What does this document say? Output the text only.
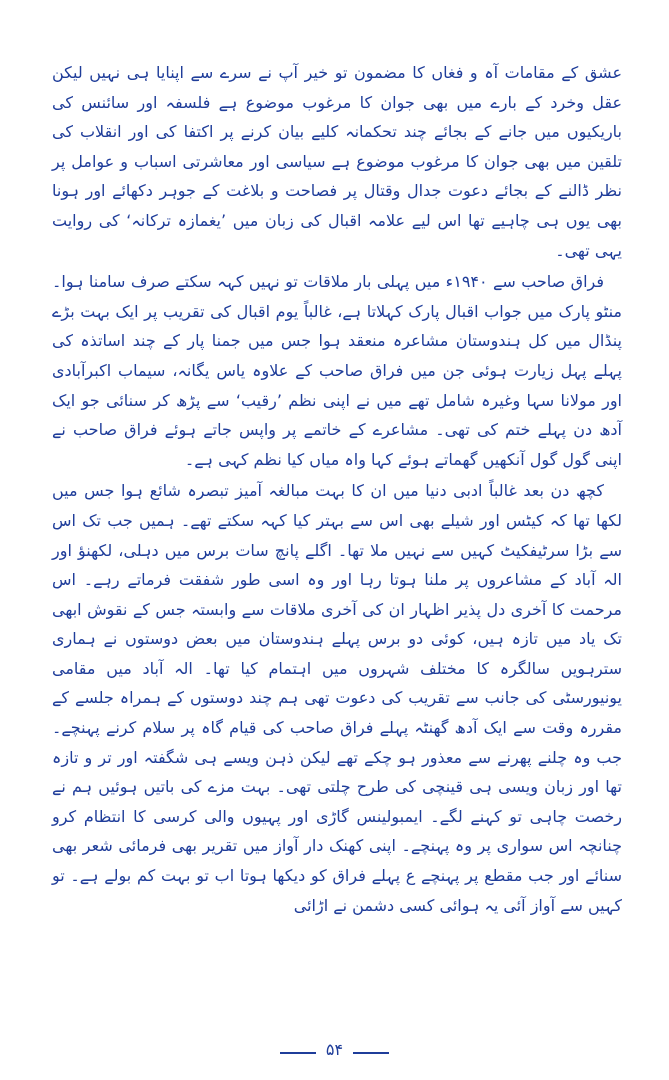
عشق کے مقامات آہ و فغاں کا مضمون تو خیر آپ نے سرے سے اپنایا ہی نہیں لیکن عقل وخرد کے بارے میں بھی جوان کا مرغوب موضوع ہے فلسفہ اور سائنس کی باریکیوں میں جانے کے بجائے چند تحکمانہ کلیے بیان کرنے پر اکتفا کی اور انقلاب کی تلقین میں بھی جوان کا مرغوب موضوع ہے سیاسی اور معاشرتی اسباب و عوامل پر نظر ڈالنے کے بجائے دعوت جدال وقتال پر فصاحت و بلاغت کے جوہر دکھائے اور ہونا بھی یوں ہی چاہیے تھا اس لیے علامہ اقبال کی زبان میں ’یغمازہ ترکانہ‘ کی روایت یہی تھی۔

فراق صاحب سے ۱۹۴۰ء میں پہلی بار ملاقات تو نہیں کہہ سکتے صرف سامنا ہوا۔ منٹو پارک میں جواب اقبال پارک کہلاتا ہے، غالباً یوم اقبال کی تقریب پر ایک بہت بڑے پنڈال میں کل ہندوستان مشاعرہ منعقد ہوا جس میں جمنا پار کے چند اساتذہ کی پہلے پہل زیارت ہوئی جن میں فراق صاحب کے علاوہ یاس یگانہ، سیماب اکبرآبادی اور مولانا سہا وغیرہ شامل تھے میں نے اپنی نظم ’رقیب‘ سے پڑھ کر سنائی جو ایک آدھ دن پہلے ختم کی تھی۔ مشاعرے کے خاتمے پر واپس جاتے ہوئے فراق صاحب نے اپنی گول گول آنکھیں گھماتے ہوئے کہا واہ میاں کیا نظم کہی ہے۔

کچھ دن بعد غالباً ادبی دنیا میں ان کا بہت مبالغہ آمیز تبصرہ شائع ہوا جس میں لکھا تھا کہ کیٹس اور شیلے بھی اس سے بہتر کیا کہہ سکتے تھے۔ ہمیں جب تک اس سے بڑا سرٹیفکیٹ کہیں سے نہیں ملا تھا۔ اگلے پانچ سات برس میں دہلی، لکھنؤ اور الہ آباد کے مشاعروں پر ملنا ہوتا رہا اور وہ اسی طور شفقت فرماتے رہے۔ اس مرحمت کا آخری دل پذیر اظہار ان کی آخری ملاقات سے وابستہ جس کے نقوش ابھی تک یاد میں تازہ ہیں، کوئی دو برس پہلے ہندوستان میں بعض دوستوں نے ہماری سترہویں سالگرہ کا مختلف شہروں میں اہتمام کیا تھا۔ الہ آباد میں مقامی یونیورسٹی کی جانب سے تقریب کی دعوت تھی ہم چند دوستوں کے ہمراہ جلسے کے مقررہ وقت سے ایک آدھ گھنٹہ پہلے فراق صاحب کی قیام گاہ پر سلام کرنے پہنچے۔ جب وہ چلنے پھرنے سے معذور ہو چکے تھے لیکن ذہن ویسے ہی شگفتہ اور تر و تازہ تھا اور زبان ویسی ہی قینچی کی طرح چلتی تھی۔ بہت مزے کی باتیں ہوئیں ہم نے رخصت چاہی تو کہنے لگے۔ ایمبولینس گاڑی اور پہیوں والی کرسی کا انتظام کرو چنانچہ اس سواری پر وہ پہنچے۔ اپنی کھنک دار آواز میں تقریر بھی فرمائی شعر بھی سنائے اور جب مقطع پر پہنچے ع پہلے فراق کو دیکھا ہوتا اب تو بہت کم بولے ہے۔ تو کہیں سے آواز آئی یہ ہوائی کسی دشمن نے اڑائی

۵۴
